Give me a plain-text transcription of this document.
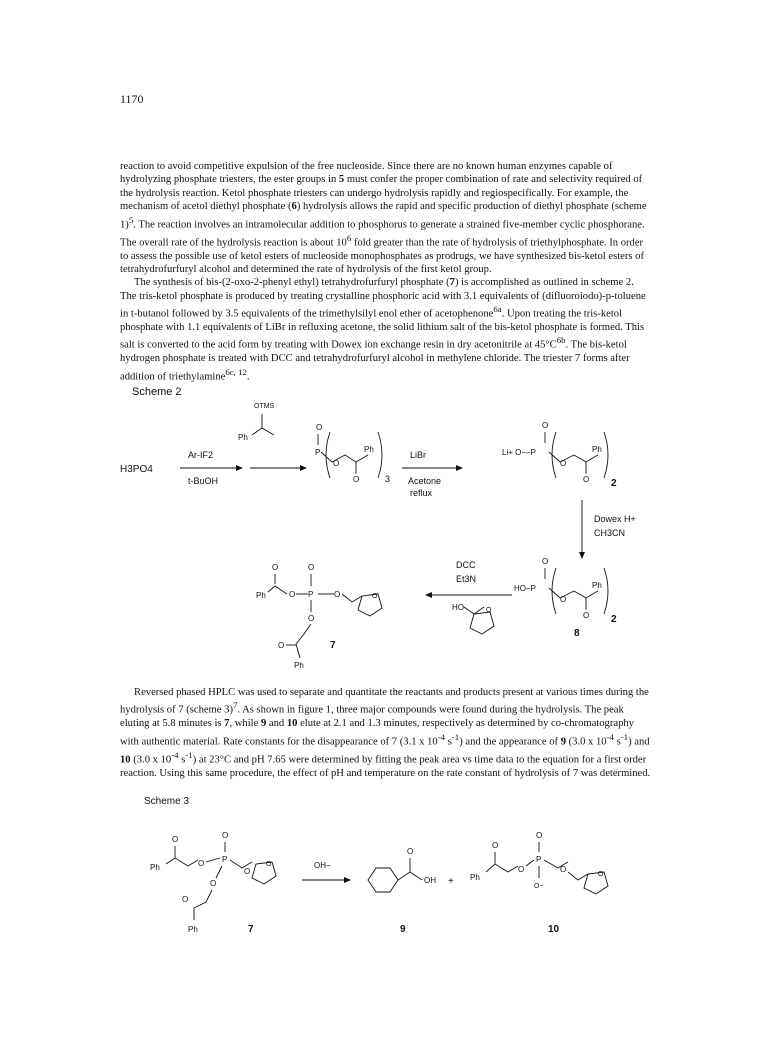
1170

reaction to avoid competitive expulsion of the free nucleoside. Since there are no known human enzymes capable of hydrolyzing phosphate triesters, the ester groups in 5 must confer the proper combination of rate and selectivity required of the hydrolysis reaction. Ketol phosphate triesters can undergo hydrolysis rapidly and regiospecifically. For example, the mechanism of acetol diethyl phosphate (6) hydrolysis allows the rapid and specific production of diethyl phosphate (scheme 1)$^5$. The reaction involves an intramolecular addition to phosphorus to generate a strained five-member cyclic phosphorane. The overall rate of the hydrolysis reaction is about $10^6$ fold greater than the rate of hydrolysis of triethylphosphate. In order to assess the possible use of ketol esters of nucleoside monophosphates as prodrugs, we have synthesized bis-ketol esters of tetrahydrofurfuryl alcohol and determined the rate of hydrolysis of the first ketol group.

The synthesis of bis-(2-oxo-2-phenyl ethyl) tetrahydrofurfuryl phosphate (7) is accomplished as outlined in scheme 2. The tris-ketol phosphate is produced by treating crystalline phosphoric acid with 3.1 equivalents of (difluoroiodo)-p-toluene in t-butanol followed by 3.5 equivalents of the trimethylsilyl enol ether of acetophenone$^{6a}$. Upon treating the tris-ketol phosphate with 1.1 equivalents of LiBr in refluxing acetone, the solid lithium salt of the bis-ketol phosphate is formed. This salt is converted to the acid form by treating with Dowex ion exchange resin in dry acetonitrile at $45^\circ C^{6b}$. The bis-ketol hydrogen phosphate is treated with DCC and tetrahydrofurfuryl alcohol in methylene chloride. The triester 7 forms after addition of triethylamine$^{6c, 12}$.

Scheme 2
H3PO4
Ar-IF2
t-BuOH
OTMS
Ph
O
P
O
O
Ph
3
LiBr
Acetone
reflux
O
Li+ O−–P
O
O
Ph
2
Dowex H+
CH3CN
O
HO–P
O
O
Ph
2
8
DCC
Et3N
HO	O
O
Ph	O
O
P	O	O
O
O
Ph
7

Reversed phased HPLC was used to separate and quantitate the reactants and products present at various times during the hydrolysis of 7 (scheme 3)$^7$. As shown in figure 1, three major compounds were found during the hydrolysis. The peak eluting at 5.8 minutes is 7, while 9 and 10 elute at 2.1 and 1.3 minutes, respectively as determined by co-chromatography with authentic material. Rate constants for the disappearance of 7 (3.1 x $10^{-4}$ $s^{-1}$) and the appearance of 9 (3.0 x $10^{-4}$ $s^{-1}$) and 10 (3.0 x $10^{-4}$ $s^{-1}$) at 23°C and pH 7.65 were determined by fitting the peak area vs time data to the equation for a first order reaction. Using this same procedure, the effect of pH and temperature on the rate constant of hydrolysis of 7 was determined.

Scheme 3
O
Ph	O
O
P
O
O
O
O
Ph	7
OH−
O
OH
9
+
O
Ph
O
O
P
O−
O
O
10
